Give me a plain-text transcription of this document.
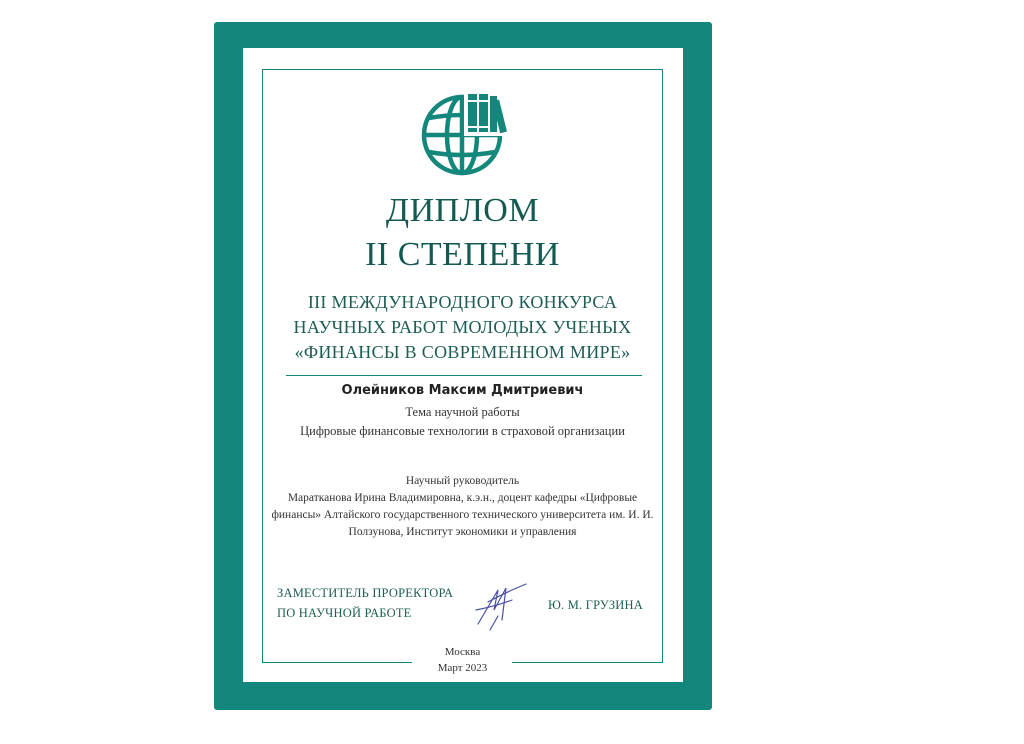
ДИПЛОМ
II СТЕПЕНИ
III МЕЖДУНАРОДНОГО КОНКУРСА
НАУЧНЫХ РАБОТ МОЛОДЫХ УЧЕНЫХ
«ФИНАНСЫ В СОВРЕМЕННОМ МИРЕ»
Олейников Максим Дмитриевич
Тема научной работы
Цифровые финансовые технологии в страховой организации
Научный руководитель
Маратканова Ирина Владимировна, к.э.н., доцент кафедры «Цифровые
финансы» Алтайского государственного технического университета им. И. И.
Ползунова, Институт экономики и управления
ЗАМЕСТИТЕЛЬ ПРОРЕКТОРА
ПО НАУЧНОЙ РАБОТЕ
Ю. М. ГРУЗИНА
Москва
Март 2023
